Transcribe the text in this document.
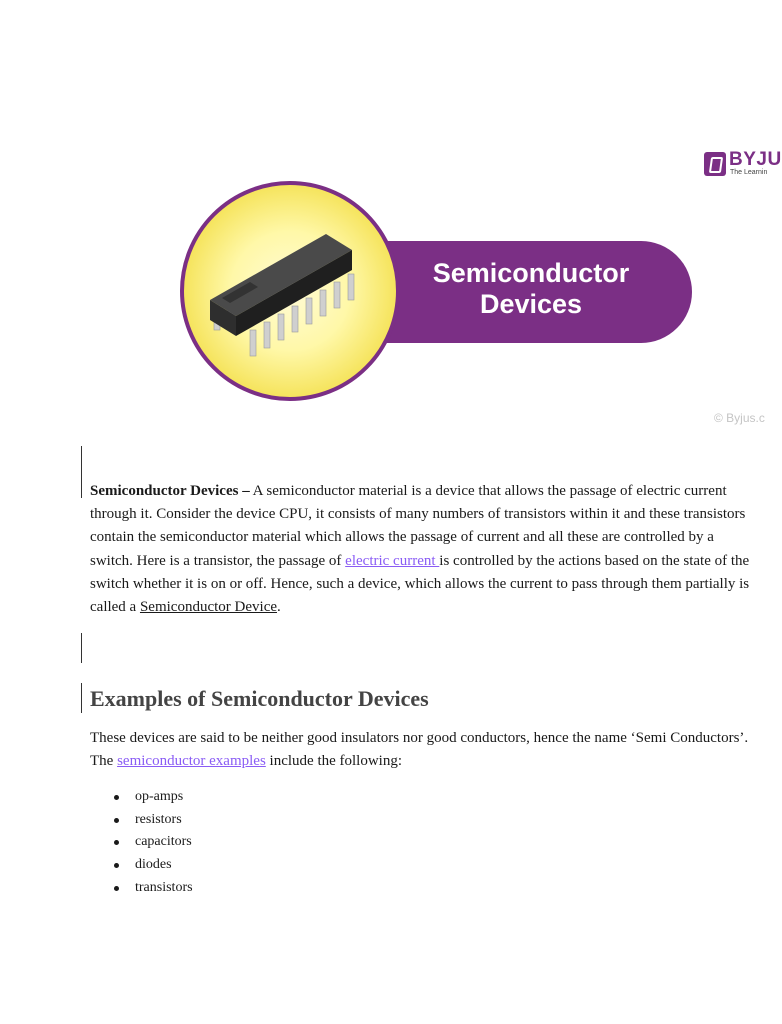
Semiconductor
Devices
BYJU
The Learnin
© Byjus.c

Semiconductor Devices – A semiconductor material is a device that allows the passage of electric current through it. Consider the device CPU, it consists of many numbers of transistors within it and these transistors contain the semiconductor material which allows the passage of current and all these are controlled by a switch. Here is a transistor, the passage of electric current is controlled by the actions based on the state of the switch whether it is on or off. Hence, such a device, which allows the current to pass through them partially is called a Semiconductor Device.

Examples of Semiconductor Devices

These devices are said to be neither good insulators nor good conductors, hence the name ‘Semi Conductors’. The semiconductor examples include the following:

op-amps
resistors
capacitors
diodes
transistors
